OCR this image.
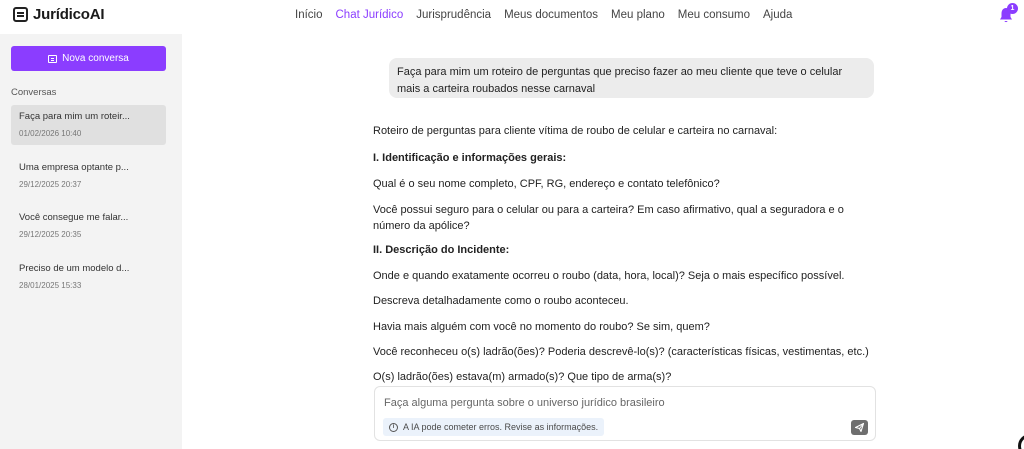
JurídicoAI	Início Chat Jurídico Jurisprudência Meus documentos Meu plano Meu consumo Ajuda
1
Nova conversa
Conversas
Faça para mim um roteir...
01/02/2026 10:40
Uma empresa optante p...
29/12/2025 20:37
Você consegue me falar...
29/12/2025 20:35
Preciso de um modelo d...
28/01/2025 15:33
Faça para mim um roteiro de perguntas que preciso fazer ao meu cliente que teve o celular mais a carteira roubados nesse carnaval

Roteiro de perguntas para cliente vítima de roubo de celular e carteira no carnaval:

I. Identificação e informações gerais:

Qual é o seu nome completo, CPF, RG, endereço e contato telefônico?

Você possui seguro para o celular ou para a carteira? Em caso afirmativo, qual a seguradora e o número da apólice?

II. Descrição do Incidente:

Onde e quando exatamente ocorreu o roubo (data, hora, local)? Seja o mais específico possível.

Descreva detalhadamente como o roubo aconteceu.

Havia mais alguém com você no momento do roubo? Se sim, quem?

Você reconheceu o(s) ladrão(ões)? Poderia descrevê-lo(s)? (características físicas, vestimentas, etc.)

O(s) ladrão(ões) estava(m) armado(s)? Que tipo de arma(s)?

Faça alguma pergunta sobre o universo jurídico brasileiro
i A IA pode cometer erros. Revise as informações.
